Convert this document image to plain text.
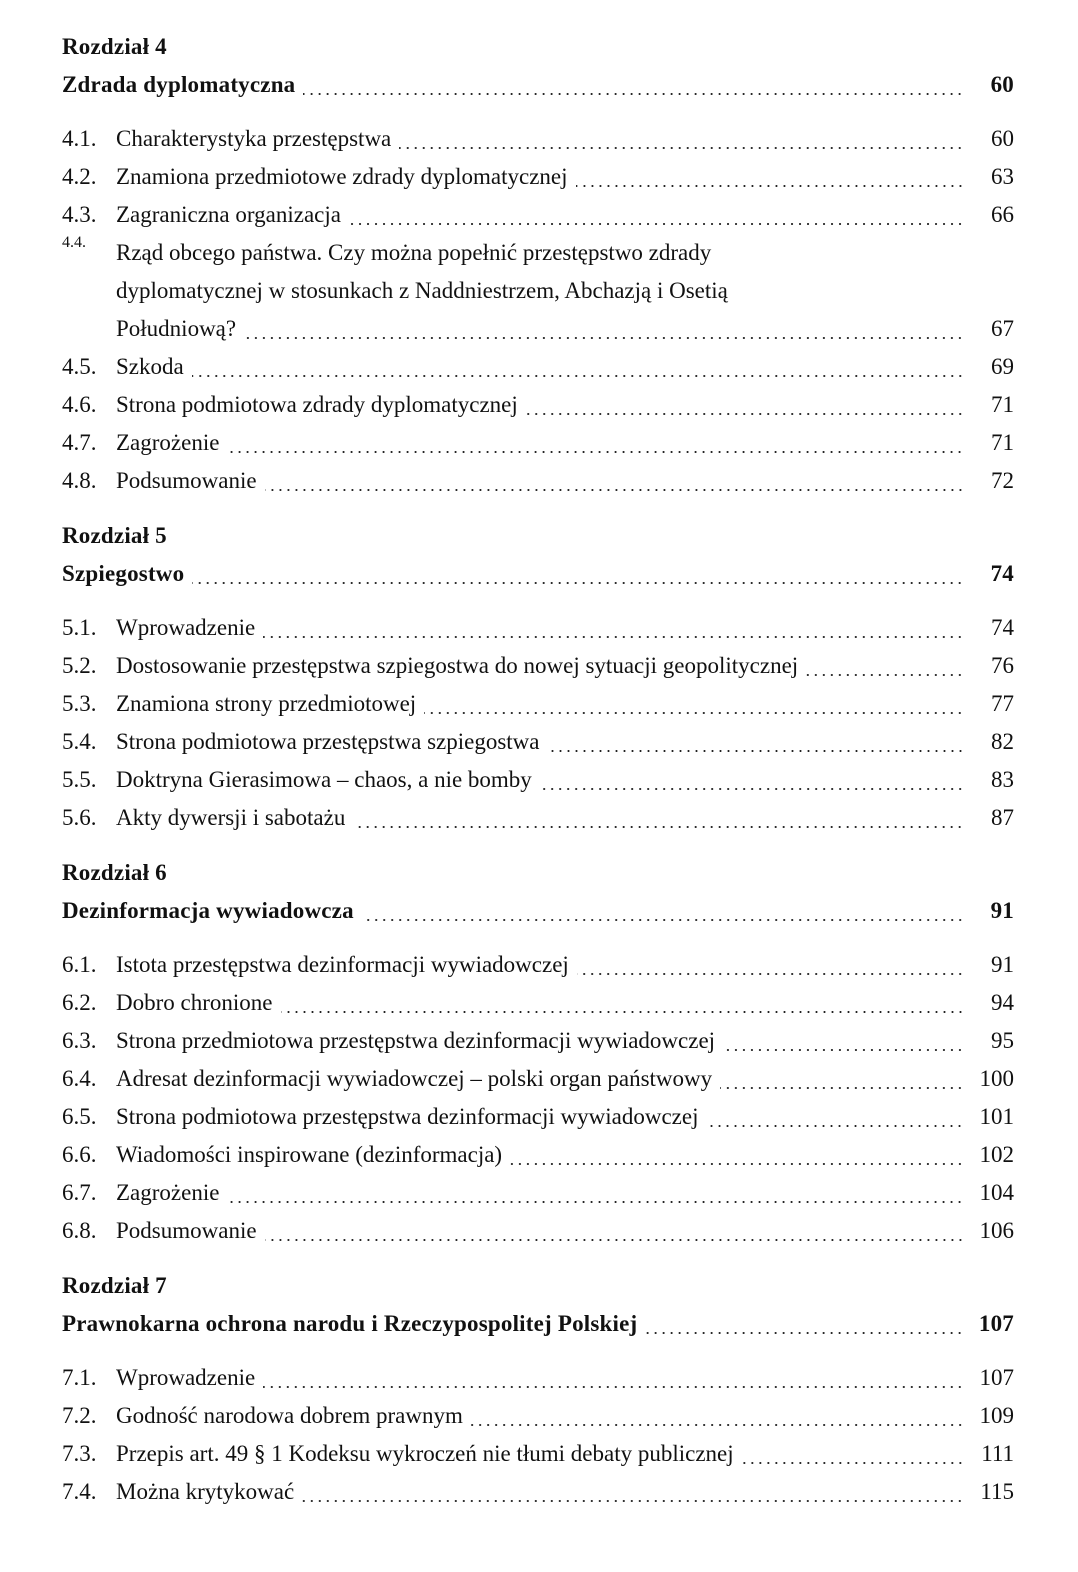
Rozdział 4
Zdrada dyplomatyczna	60
4.1. Charakterystyka przestępstwa	60
4.2. Znamiona przedmiotowe zdrady dyplomatycznej	63
4.3. Zagraniczna organizacja	66
4.4.	Rząd obcego państwa. Czy można popełnić przestępstwo zdrady
dyplomatycznej w stosunkach z Naddniestrzem, Abchazją i Osetią
Południową?	67
4.5. Szkoda	69
4.6. Strona podmiotowa zdrady dyplomatycznej	71
4.7. Zagrożenie	71
4.8. Podsumowanie	72
Rozdział 5
Szpiegostwo	74
5.1. Wprowadzenie	74
5.2. Dostosowanie przestępstwa szpiegostwa do nowej sytuacji geopolitycznej	76
5.3. Znamiona strony przedmiotowej	77
5.4. Strona podmiotowa przestępstwa szpiegostwa	82
5.5. Doktryna Gierasimowa – chaos, a nie bomby	83
5.6. Akty dywersji i sabotażu	87
Rozdział 6
Dezinformacja wywiadowcza	91
6.1. Istota przestępstwa dezinformacji wywiadowczej	91
6.2. Dobro chronione	94
6.3. Strona przedmiotowa przestępstwa dezinformacji wywiadowczej	95
6.4. Adresat dezinformacji wywiadowczej – polski organ państwowy	100
6.5. Strona podmiotowa przestępstwa dezinformacji wywiadowczej	101
6.6. Wiadomości inspirowane (dezinformacja)	102
6.7. Zagrożenie	104
6.8. Podsumowanie	106
Rozdział 7
Prawnokarna ochrona narodu i Rzeczypospolitej Polskiej	107
7.1. Wprowadzenie	107
7.2. Godność narodowa dobrem prawnym	109
7.3. Przepis art. 49 § 1 Kodeksu wykroczeń nie tłumi debaty publicznej	111
7.4. Można krytykować	115
